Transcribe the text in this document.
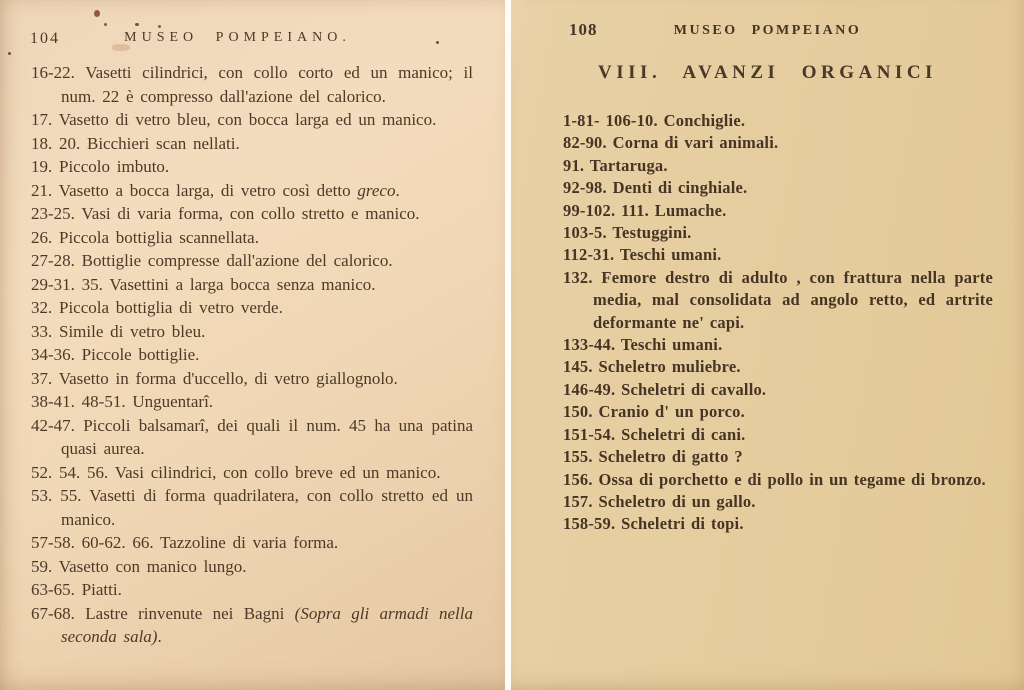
104	MUSEO POMPEIANO.
16-22. Vasetti cilindrici, con collo corto ed un manico; il num. 22 è compresso dall'azione del calorico.
17. Vasetto di vetro bleu, con bocca larga ed un manico.
18. 20. Bicchieri scan nellati.
19. Piccolo imbuto.
21. Vasetto a bocca larga, di vetro così detto greco.
23-25. Vasi di varia forma, con collo stretto e manico.
26. Piccola bottiglia scannellata.
27-28. Bottiglie compresse dall'azione del calorico.
29-31. 35. Vasettini a larga bocca senza manico.
32. Piccola bottiglia di vetro verde.
33. Simile di vetro bleu.
34-36. Piccole bottiglie.
37. Vasetto in forma d'uccello, di vetro giallognolo.
38-41. 48-51. Unguentarî.
42-47. Piccoli balsamarî, dei quali il num. 45 ha una patina quasi aurea.
52. 54. 56. Vasi cilindrici, con collo breve ed un manico.
53. 55. Vasetti di forma quadrilatera, con collo stretto ed un manico.
57-58. 60-62. 66. Tazzoline di varia forma.
59. Vasetto con manico lungo.
63-65. Piatti.
67-68. Lastre rinvenute nei Bagni (Sopra gli armadi nella seconda sala).
108	MUSEO POMPEIANO
VIII. AVANZI ORGANICI
1-81- 106-10. Conchiglie.
82-90. Corna di vari animali.
91. Tartaruga.
92-98. Denti di cinghiale.
99-102. 111. Lumache.
103-5. Testuggini.
112-31. Teschi umani.
132. Femore destro di adulto , con frattura nella parte media, mal consolidata ad angolo retto, ed artrite deformante ne' capi.
133-44. Teschi umani.
145. Scheletro muliebre.
146-49. Scheletri di cavallo.
150. Cranio d' un porco.
151-54. Scheletri di cani.
155. Scheletro di gatto ?
156. Ossa di porchetto e di pollo in un tegame di bronzo.
157. Scheletro di un gallo.
158-59. Scheletri di topi.
